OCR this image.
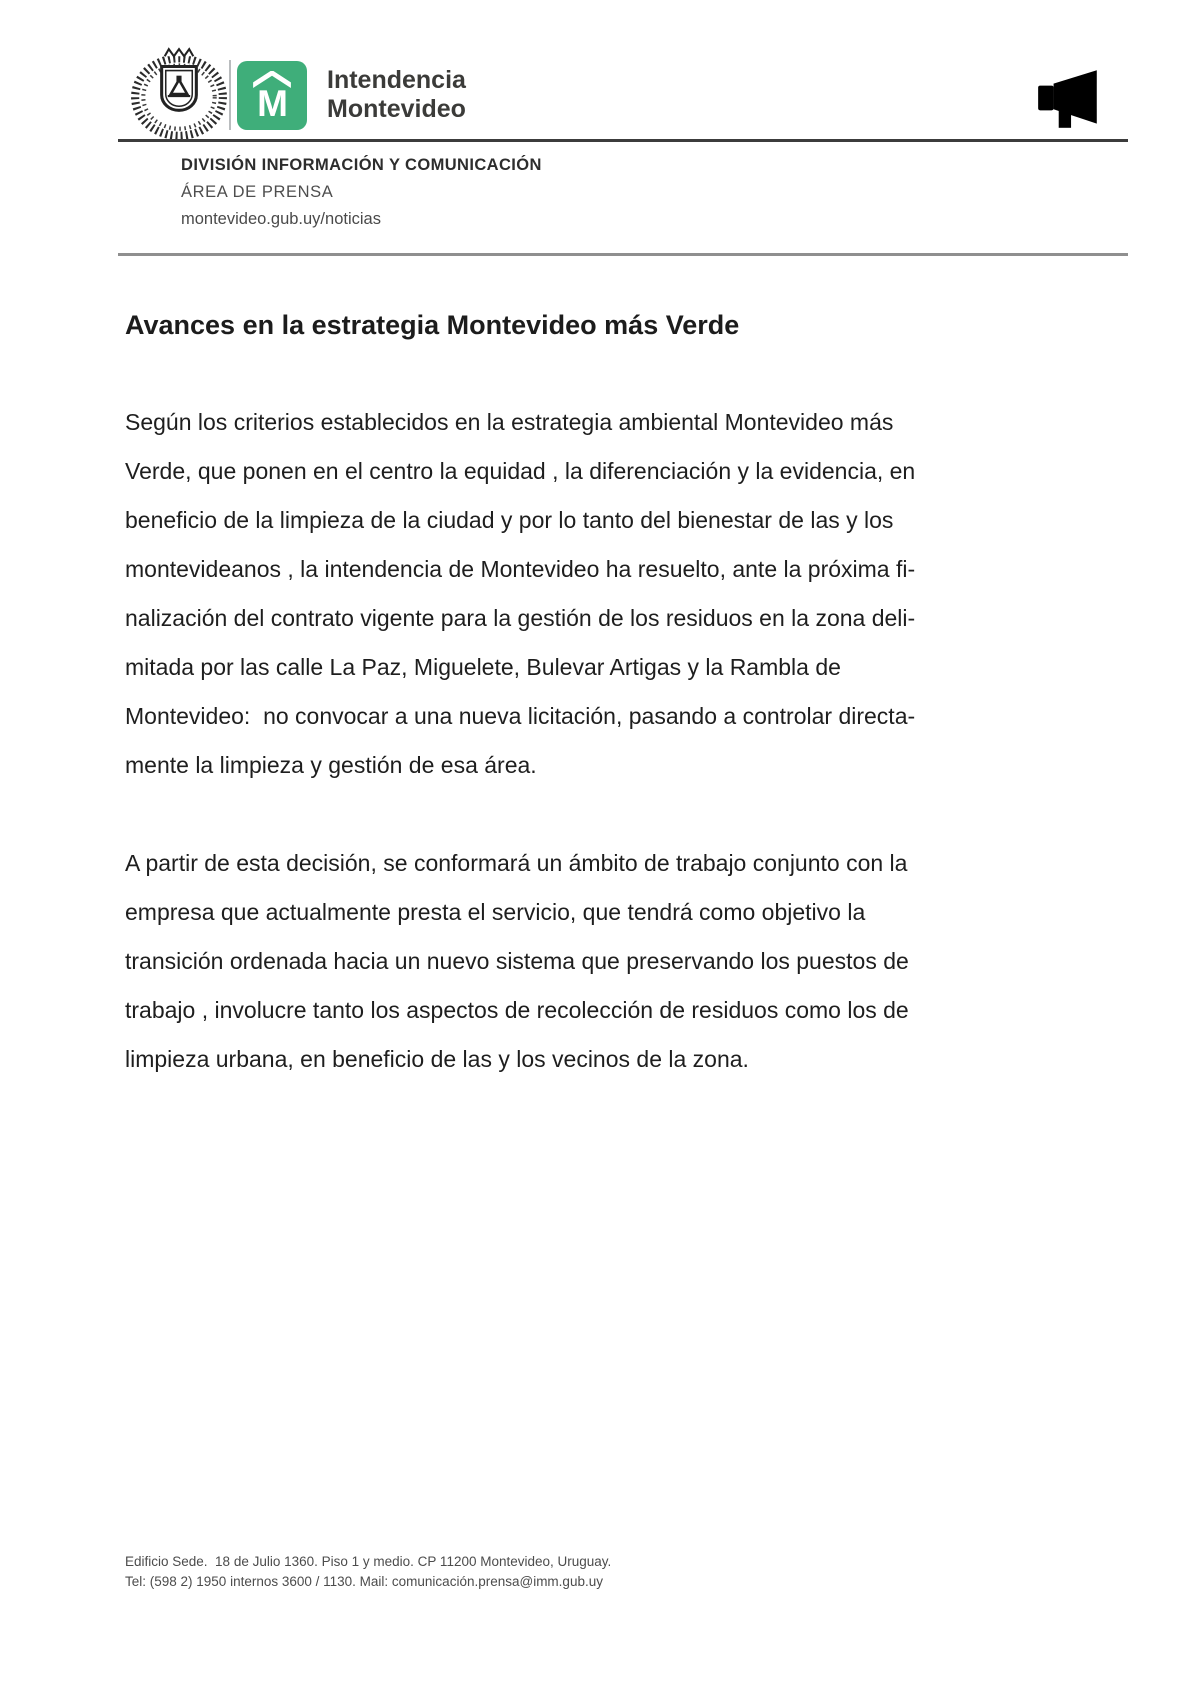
M
Intendencia
Montevideo
DIVISIÓN INFORMACIÓN Y COMUNICACIÓN
ÁREA DE PRENSA
montevideo.gub.uy/noticias
Avances en la estrategia Montevideo más Verde
Según los criterios establecidos en la estrategia ambiental Montevideo más
Verde, que ponen en el centro la equidad , la diferenciación y la evidencia, en
beneficio de la limpieza de la ciudad y por lo tanto del bienestar de las y los
montevideanos , la intendencia de Montevideo ha resuelto, ante la próxima fi-
nalización del contrato vigente para la gestión de los residuos en la zona deli-
mitada por las calle La Paz, Miguelete, Bulevar Artigas y la Rambla de
Montevideo:  no convocar a una nueva licitación, pasando a controlar directa-
mente la limpieza y gestión de esa área.
A partir de esta decisión, se conformará un ámbito de trabajo conjunto con la
empresa que actualmente presta el servicio, que tendrá como objetivo la
transición ordenada hacia un nuevo sistema que preservando los puestos de
trabajo , involucre tanto los aspectos de recolección de residuos como los de
limpieza urbana, en beneficio de las y los vecinos de la zona.
Edificio Sede.  18 de Julio 1360. Piso 1 y medio. CP 11200 Montevideo, Uruguay.
Tel: (598 2) 1950 internos 3600 / 1130. Mail: comunicación.prensa@imm.gub.uy
